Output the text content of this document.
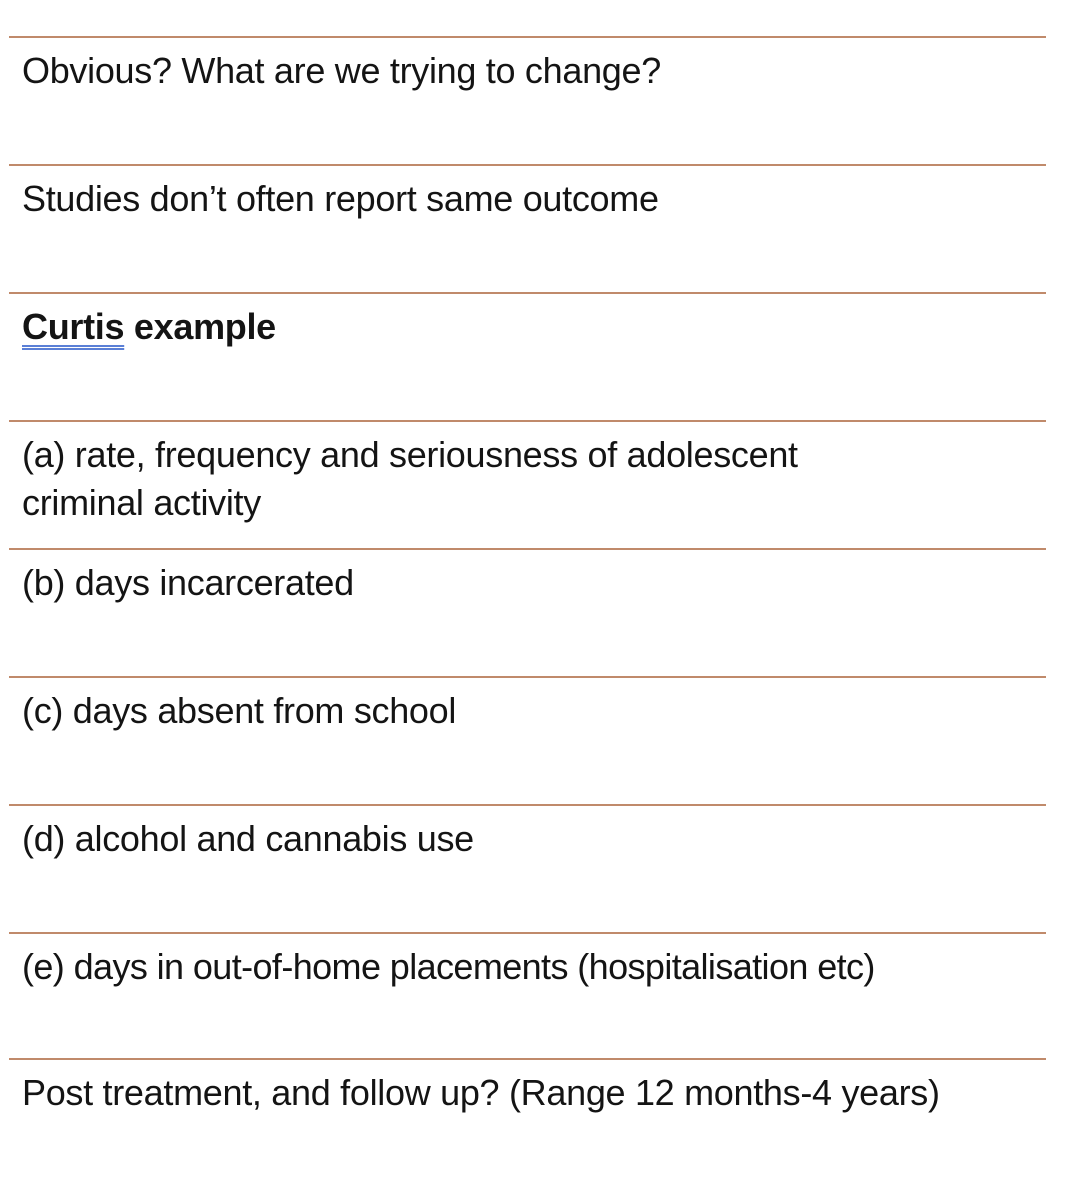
Obvious? What are we trying to change?
Studies don’t often report same outcome
Curtis example
(a) rate, frequency and seriousness of adolescent criminal activity
(b) days incarcerated
(c) days absent from school
(d) alcohol and cannabis use
(e) days in out-of-home placements (hospitalisation etc)
Post treatment, and follow up? (Range 12 months-4 years)
